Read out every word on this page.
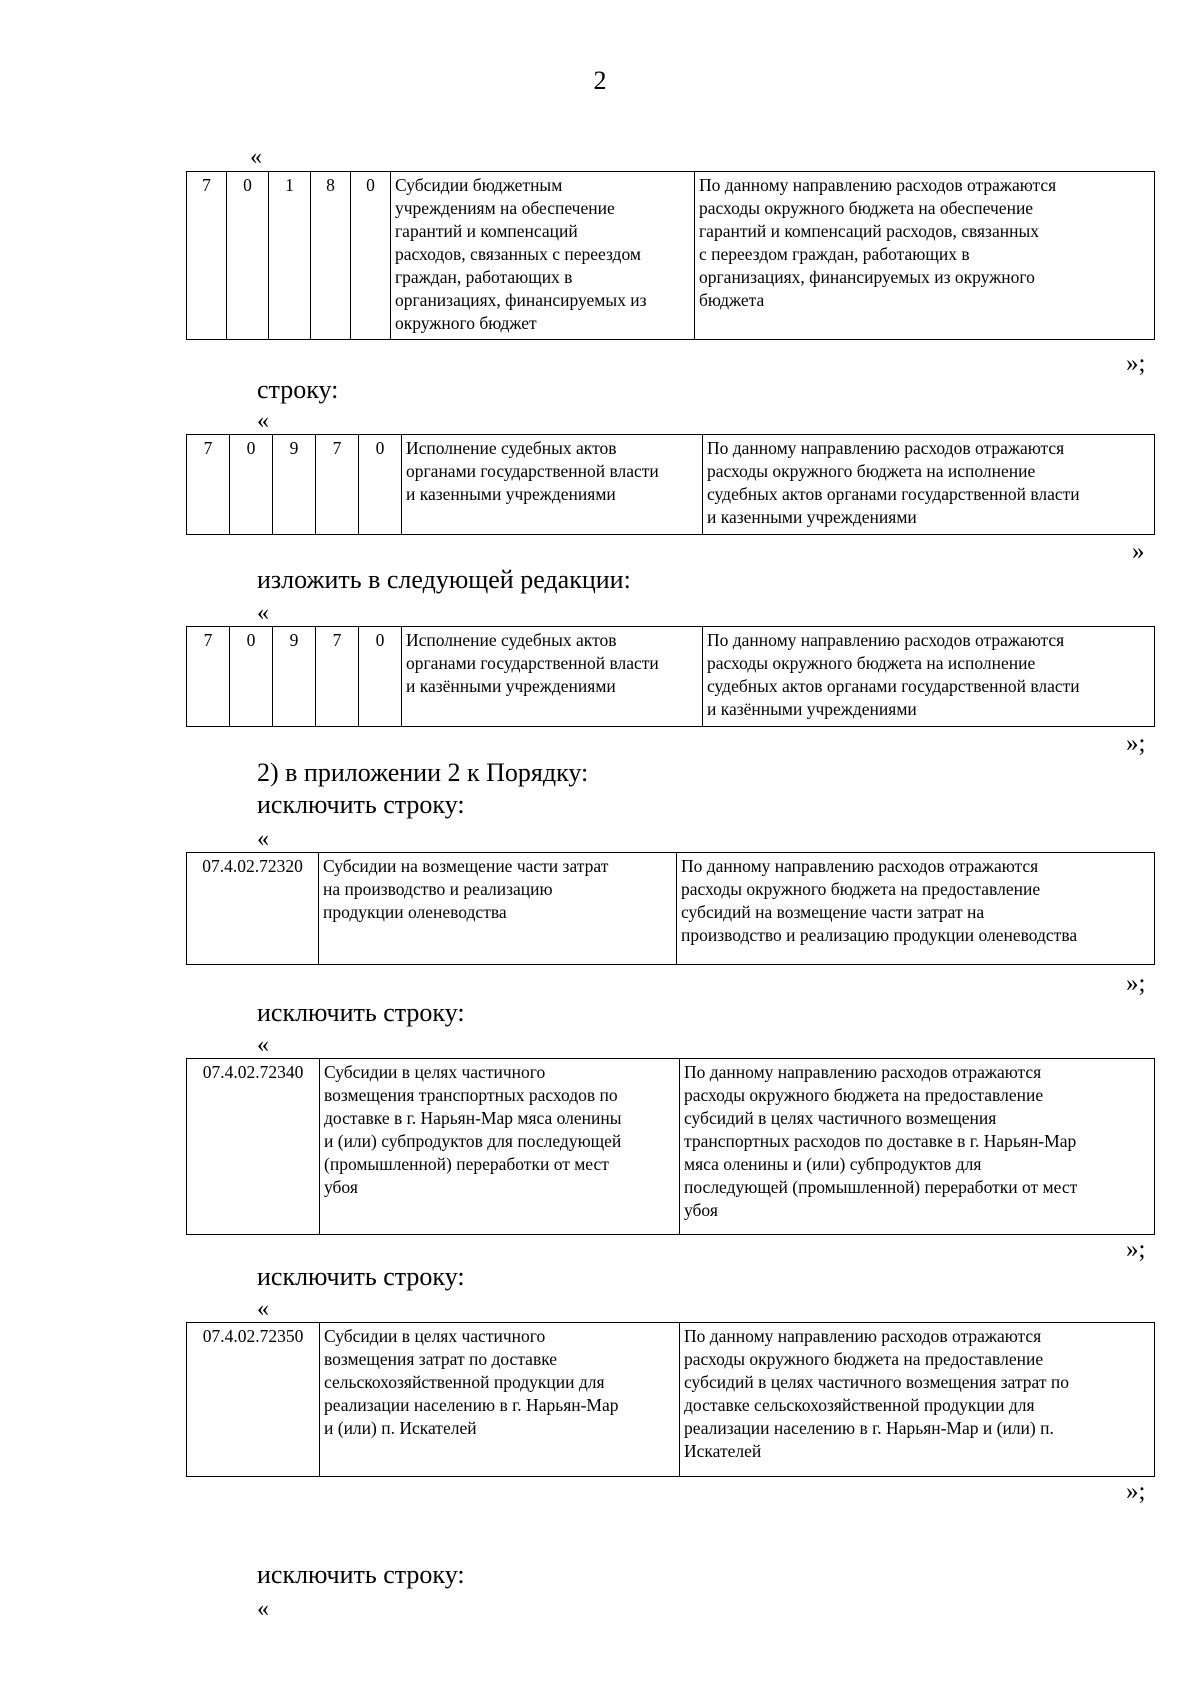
2
«
7	0	1	8	0	Субсидии бюджетным
учреждениям на обеспечение
гарантий и компенсаций
расходов, связанных с переездом
граждан, работающих в
организациях, финансируемых из
окружного бюджет	По данному направлению расходов отражаются
расходы окружного бюджета на обеспечение
гарантий и компенсаций расходов, связанных
с переездом граждан, работающих в
организациях, финансируемых из окружного
бюджета
»;
строку:
«
7	0	9	7	0	Исполнение судебных актов
органами государственной власти
и казенными учреждениями	По данному направлению расходов отражаются
расходы окружного бюджета на исполнение
судебных актов органами государственной власти
и казенными учреждениями
»
изложить в следующей редакции:
«
7	0	9	7	0	Исполнение судебных актов
органами государственной власти
и казёнными учреждениями	По данному направлению расходов отражаются
расходы окружного бюджета на исполнение
судебных актов органами государственной власти
и казёнными учреждениями
»;
2) в приложении 2 к Порядку:
исключить строку:
«
07.4.02.72320	Субсидии на возмещение части затрат
на производство и реализацию
продукции оленеводства	По данному направлению расходов отражаются
расходы окружного бюджета на предоставление
субсидий на возмещение части затрат на
производство и реализацию продукции оленеводства
»;
исключить строку:
«
07.4.02.72340	Субсидии в целях частичного
возмещения транспортных расходов по
доставке в г. Нарьян-Мар мяса оленины
и (или) субпродуктов для последующей
(промышленной) переработки от мест
убоя	По данному направлению расходов отражаются
расходы окружного бюджета на предоставление
субсидий в целях частичного возмещения
транспортных расходов по доставке в г. Нарьян-Мар
мяса оленины и (или) субпродуктов для
последующей (промышленной) переработки от мест
убоя
»;
исключить строку:
«
07.4.02.72350	Субсидии в целях частичного
возмещения затрат по доставке
сельскохозяйственной продукции для
реализации населению в г. Нарьян-Мар
и (или) п. Искателей	По данному направлению расходов отражаются
расходы окружного бюджета на предоставление
субсидий в целях частичного возмещения затрат по
доставке сельскохозяйственной продукции для
реализации населению в г. Нарьян-Мар и (или) п.
Искателей
»;
исключить строку:
«
